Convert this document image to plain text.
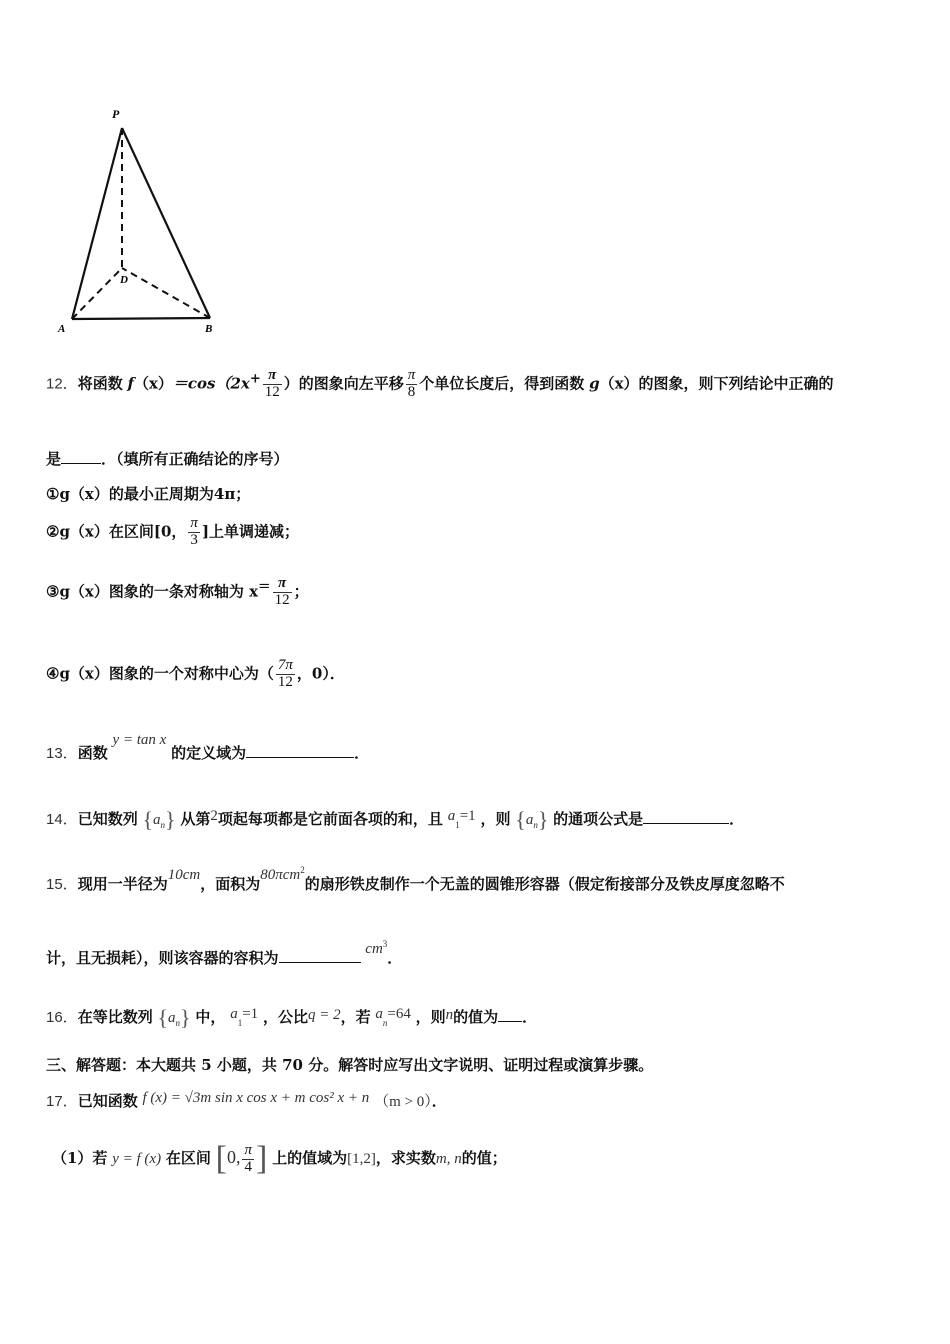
P
D
A	B
12．将函数 $f(x)=\cos(2x^+ \frac{\pi}{12}$ ）的图象向左平移 $\frac{\pi}{8}$ 个单位长度后，得到函数 g（x）的图象，则下列结论中正确的
是	．（填所有正确结论的序号）
①g（x）的最小正周期为4π；
②g（x）在区间[0， $\frac{\pi}{3}$ ]上单调递减；
③g（x）图象的一条对称轴为 $x^= \frac{\pi}{12}$ ；
④g（x）图象的一个对称中心为（ $\frac{7\pi}{12}$ ，0）．
13．函数 y = tan x 的定义域为	．
14．已知数列 $\{a_n\}$ 从第2项起每项都是它前面各项的和，且 $a_1=1$ ，则 $\{a_n\}$ 的通项公式是	．
15．现用一半径为10cm，面积为80πcm$^2$的扇形铁皮制作一个无盖的圆锥形容器（假定衔接部分及铁皮厚度忽略不
计，且无损耗），则该容器的容积为	$cm^3$．
16．在等比数列 $\{a_n\}$ 中， $a_1=1$ ，公比q = 2，若 $a_n=64$ ，则n的值为 ．
三、解答题：本大题共 5 小题，共 70 分。解答时应写出文字说明、证明过程或演算步骤。
17．已知函数 f (x) = √3m sin x cos x + m cos² x + n （m > 0）．
（1）若 y = f (x) 在区间 [0, $\frac{\pi}{4}$ ] 上的值域为[1,2]，求实数m, n的值；
